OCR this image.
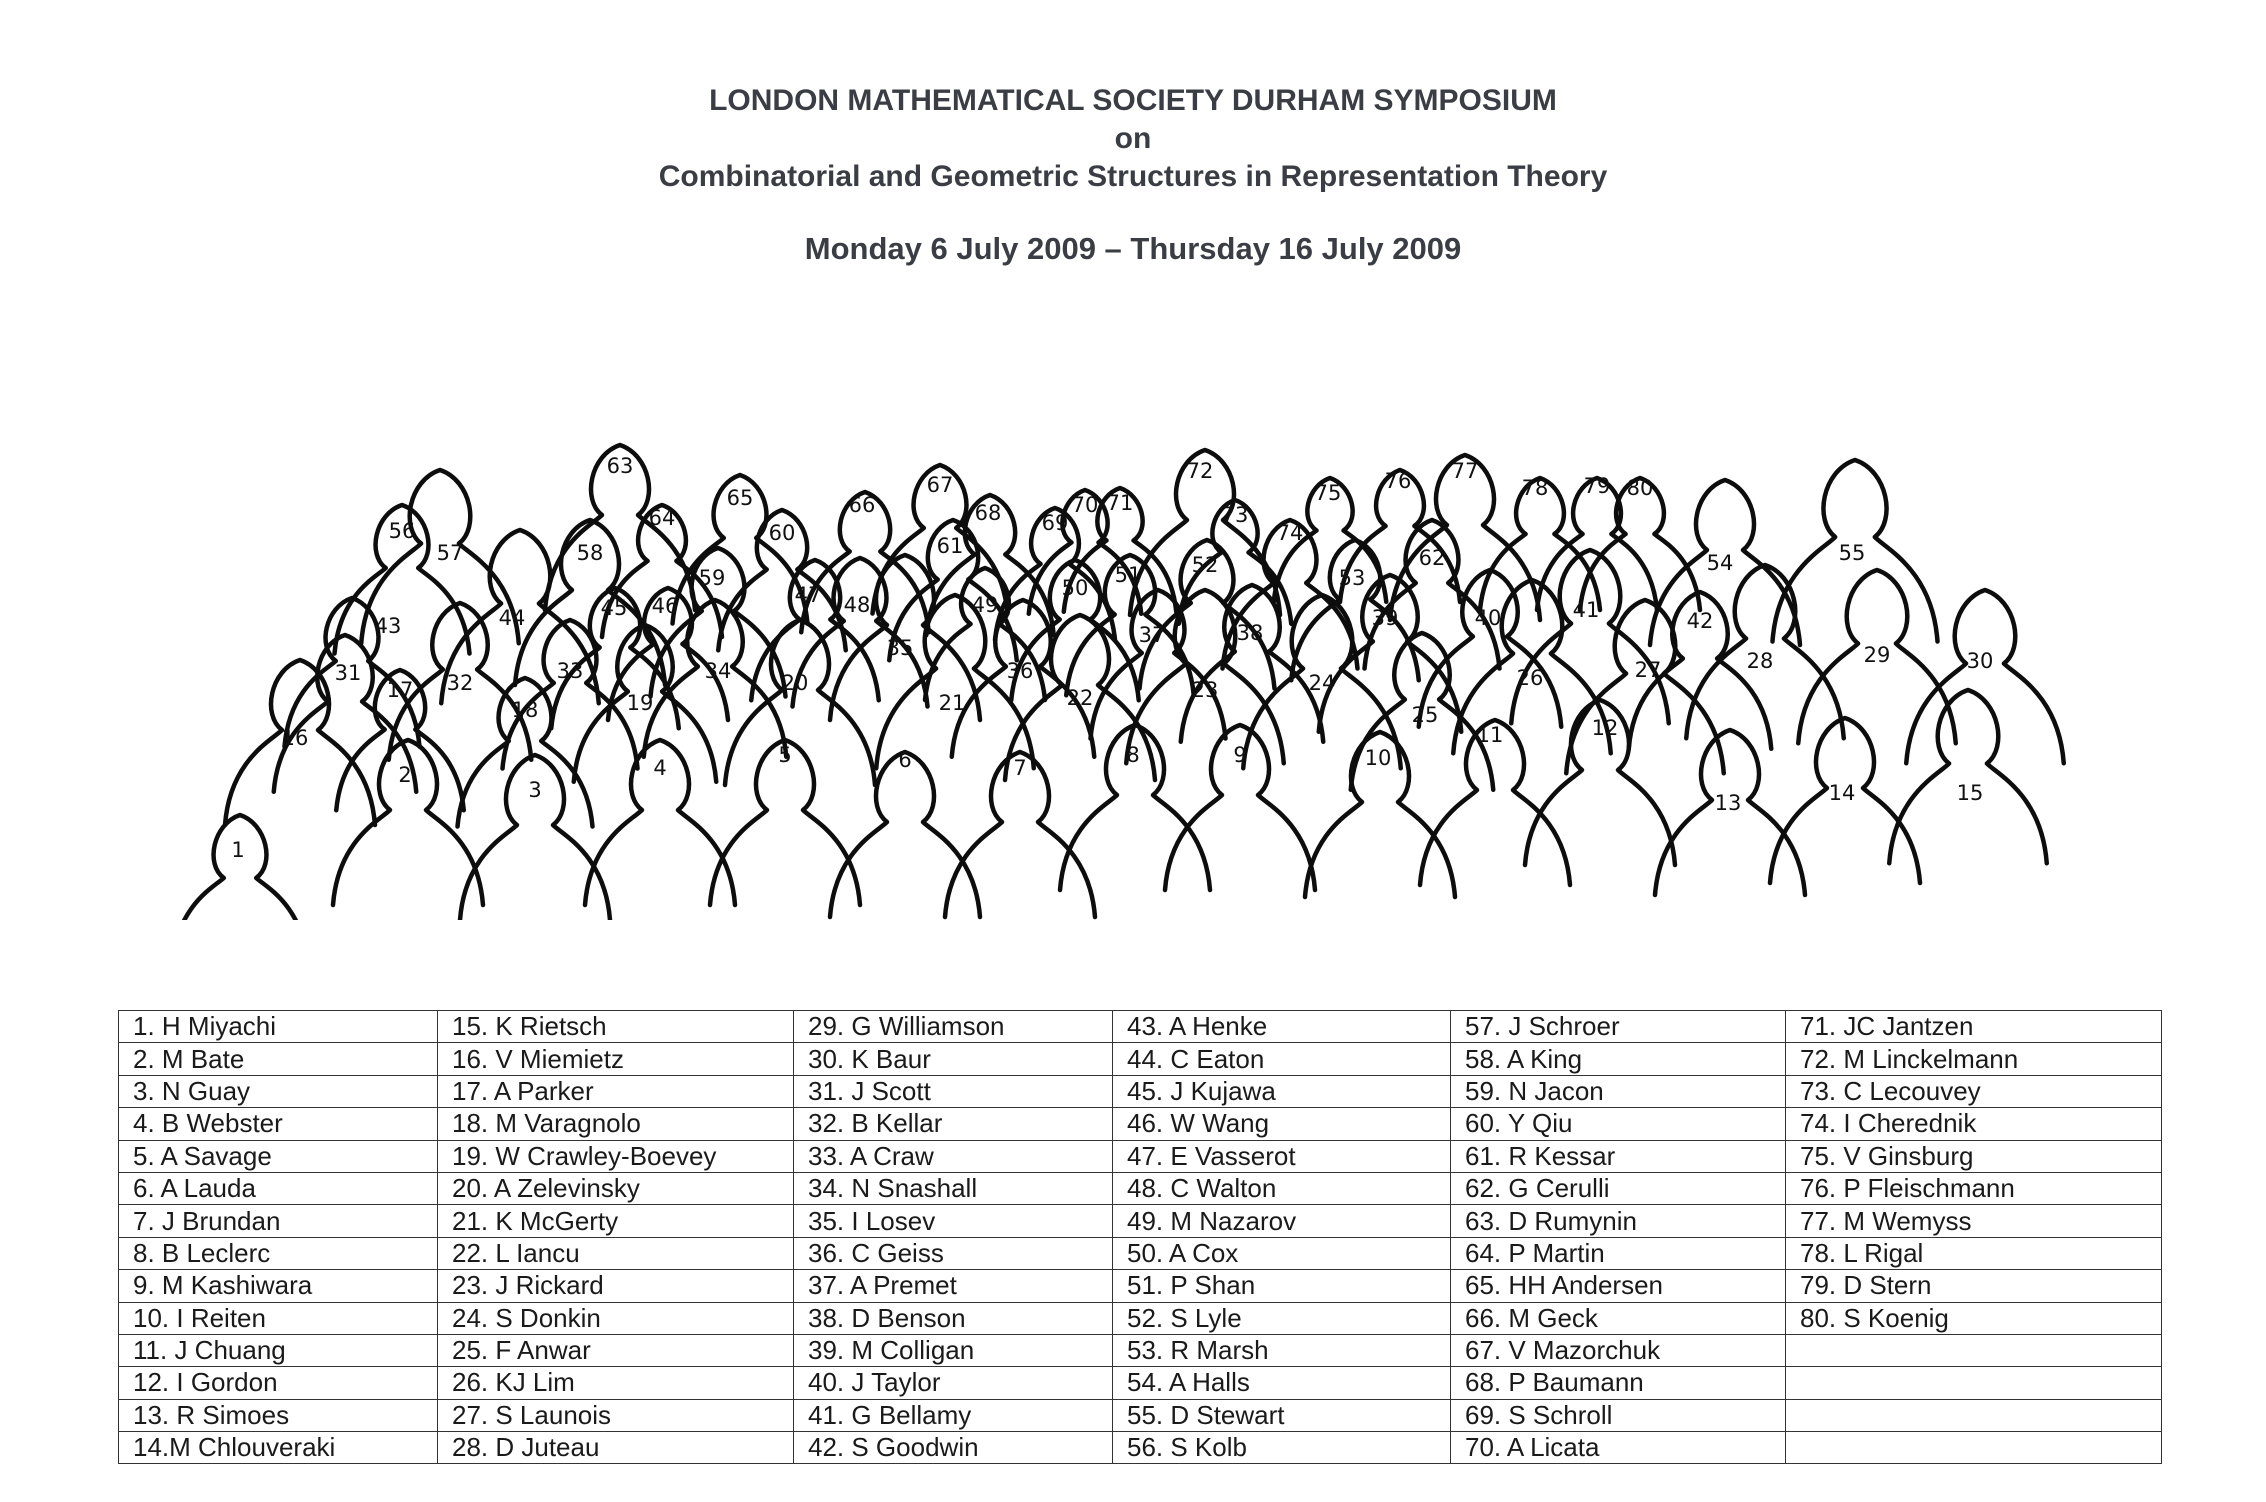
LONDON MATHEMATICAL SOCIETY DURHAM SYMPOSIUM
on
Combinatorial and Geometric Structures in Representation Theory
Monday 6 July 2009 – Thursday 16 July 2009
63	72	77
55
67
65
76	80
79
78
75
71
70
54
66
64	68 69	73
60	74
56
57	58	62
53
61
52
51
59	50
47 48	49
45 46
44
43
41	42
40
39
38
37
35
36
34
33
32
31
17
16
18	19
20
21	22	23	24
25
26	27	28	29	30
11	12
2
3
4
5	6	7
8	9	10
13	14	15
1
1. H Miyachi	15. K Rietsch	29. G Williamson	43. A Henke	57. J Schroer	71. JC Jantzen
2. M Bate	16. V Miemietz	30. K Baur	44. C Eaton	58. A King	72. M Linckelmann
3. N Guay	17. A Parker	31. J Scott	45. J Kujawa	59. N Jacon	73. C Lecouvey
4. B Webster	18. M Varagnolo	32. B Kellar	46. W Wang	60. Y Qiu	74. I Cherednik
5. A Savage	19. W Crawley-Boevey	33. A Craw	47. E Vasserot	61. R Kessar	75. V Ginsburg
6. A Lauda	20. A Zelevinsky	34. N Snashall	48. C Walton	62. G Cerulli	76. P Fleischmann
7. J Brundan	21. K McGerty	35. I Losev	49. M Nazarov	63. D Rumynin	77. M Wemyss
8. B Leclerc	22. L Iancu	36. C Geiss	50. A Cox	64. P Martin	78. L Rigal
9. M Kashiwara	23. J Rickard	37. A Premet	51. P Shan	65. HH Andersen	79. D Stern
10. I Reiten	24. S Donkin	38. D Benson	52. S Lyle	66. M Geck	80. S Koenig
11. J Chuang	25. F Anwar	39. M Colligan	53. R Marsh	67. V Mazorchuk	
12. I Gordon	26. KJ Lim	40. J Taylor	54. A Halls	68. P Baumann	
13. R Simoes	27. S Launois	41. G Bellamy	55. D Stewart	69. S Schroll	
14.M Chlouveraki	28. D Juteau	42. S Goodwin	56. S Kolb	70. A Licata	
